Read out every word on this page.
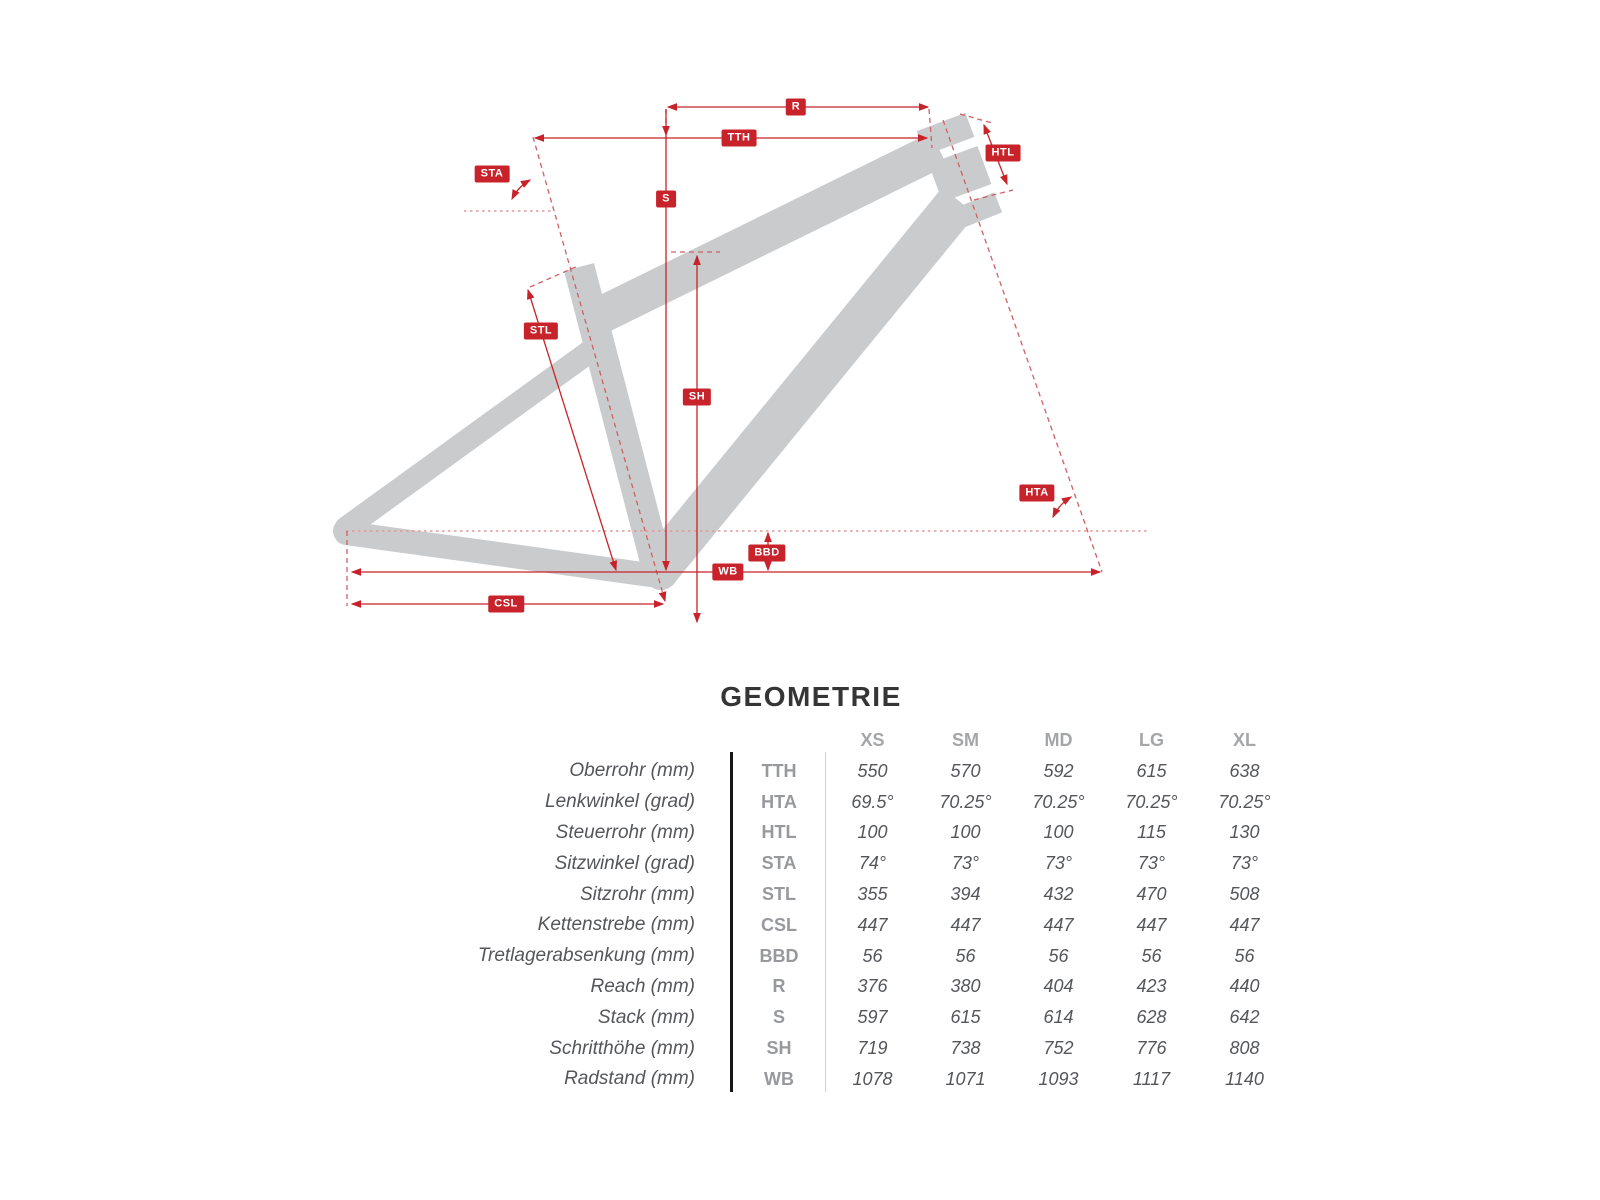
R
TTH
HTL
STA
S
STL
SH
HTA
BBD
WB
CSL
GEOMETRIE
XS	SM	MD	LG	XL
Oberrohr (mm)	TTH	550	570	592	615	638
Lenkwinkel (grad)	HTA	69.5°	70.25°	70.25°	70.25°	70.25°
Steuerrohr (mm)	HTL	100	100	100	115	130
Sitzwinkel (grad)	STA	74°	73°	73°	73°	73°
Sitzrohr (mm)	STL	355	394	432	470	508
Kettenstrebe (mm)	CSL	447	447	447	447	447
Tretlagerabsenkung (mm)	BBD	56	56	56	56	56
Reach (mm)	R	376	380	404	423	440
Stack (mm)	S	597	615	614	628	642
Schritthöhe (mm)	SH	719	738	752	776	808
Radstand (mm)	WB	1078	1071	1093	1117	1140
